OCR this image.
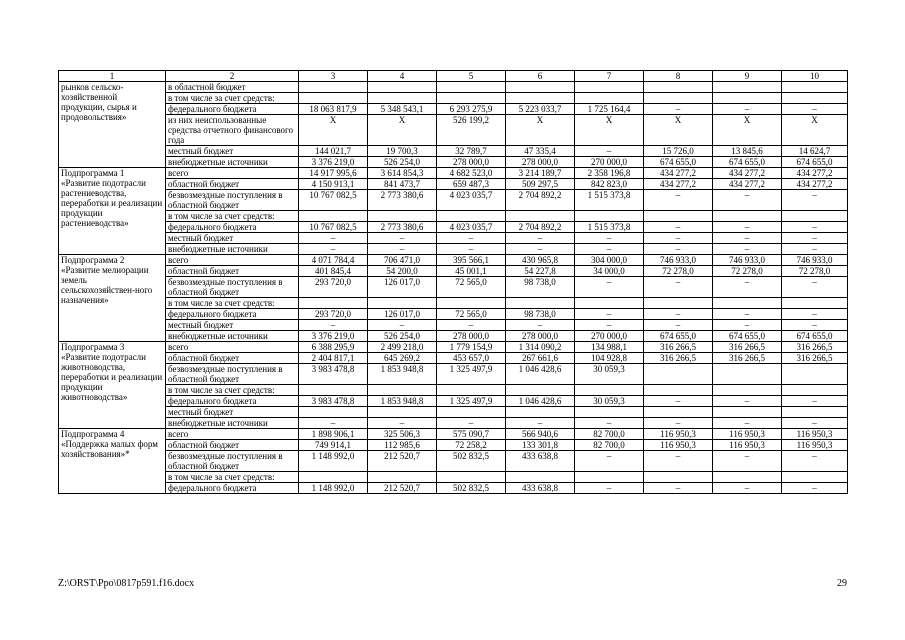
1	2	3	4	5	6	7	8	9	10
рынков сельско-хозяйственной продукции, сырья и продовольствия»	в областной бюджет								
	в том числе за счет средств:								
	федерального бюджета	18 063 817,9	5 348 543,1	6 293 275,9	5 223 033,7	1 725 164,4	–	–	–
	из них неиспользованные средства отчетного финансового года	Х	Х	526 199,2	Х	Х	Х	Х	Х
	местный бюджет	144 021,7	19 700,3	32 789,7	47 335,4	–	15 726,0	13 845,6	14 624,7
	внебюджетные источники	3 376 219,0	526 254,0	278 000,0	278 000,0	270 000,0	674 655,0	674 655,0	674 655,0
Подпрограмма 1 «Развитие подотрасли растениеводства, переработки и реализации продукции растениеводства»	всего	14 917 995,6	3 614 854,3	4 682 523,0	3 214 189,7	2 358 196,8	434 277,2	434 277,2	434 277,2
	областной бюджет	4 150 913,1	841 473,7	659 487,3	509 297,5	842 823,0	434 277,2	434 277,2	434 277,2
	безвозмездные поступления в областной бюджет	10 767 082,5	2 773 380,6	4 023 035,7	2 704 892,2	1 515 373,8	–	–	–
	в том числе за счет средств:								
	федерального бюджета	10 767 082,5	2 773 380,6	4 023 035,7	2 704 892,2	1 515 373,8	–	–	–
	местный бюджет	–	–	–	–	–	–	–	–
	внебюджетные источники	–	–	–	–	–	–	–	–
Подпрограмма 2 «Развитие мелиорации земель сельскохозяйствен-ного назначения»	всего	4 071 784,4	706 471,0	395 566,1	430 965,8	304 000,0	746 933,0	746 933,0	746 933,0
	областной бюджет	401 845,4	54 200,0	45 001,1	54 227,8	34 000,0	72 278,0	72 278,0	72 278,0
	безвозмездные поступления в областной бюджет	293 720,0	126 017,0	72 565,0	98 738,0	–	–	–	–
	в том числе за счет средств:								
	федерального бюджета	293 720,0	126 017,0	72 565,0	98 738,0	–	–	–	–
	местный бюджет	–	–	–	–	–	–	–	–
	внебюджетные источники	3 376 219,0	526 254,0	278 000,0	278 000,0	270 000,0	674 655,0	674 655,0	674 655,0
Подпрограмма 3 «Развитие подотрасли животноводства, переработки и реализации продукции животноводства»	всего	6 388 295,9	2 499 218,0	1 779 154,9	1 314 090,2	134 988,1	316 266,5	316 266,5	316 266,5
	областной бюджет	2 404 817,1	645 269,2	453 657,0	267 661,6	104 928,8	316 266,5	316 266,5	316 266,5
	безвозмездные поступления в областной бюджет	3 983 478,8	1 853 948,8	1 325 497,9	1 046 428,6	30 059,3			
	в том числе за счет средств:								
	федерального бюджета	3 983 478,8	1 853 948,8	1 325 497,9	1 046 428,6	30 059,3	–	–	–
	местный бюджет								
	внебюджетные источники	–	–	–	–	–	–	–	–
Подпрограмма 4 «Поддержка малых форм хозяйствования»*	всего	1 898 906,1	325 506,3	575 090,7	566 940,6	82 700,0	116 950,3	116 950,3	116 950,3
	областной бюджет	749 914,1	112 985,6	72 258,2	133 301,8	82 700,0	116 950,3	116 950,3	116 950,3
	безвозмездные поступления в областной бюджет	1 148 992,0	212 520,7	502 832,5	433 638,8	–	–	–	–
	в том числе за счет средств:								
	федерального бюджета	1 148 992,0	212 520,7	502 832,5	433 638,8	–	–	–	–
Z:\ORST\Ppo\0817p591.f16.docx	29
